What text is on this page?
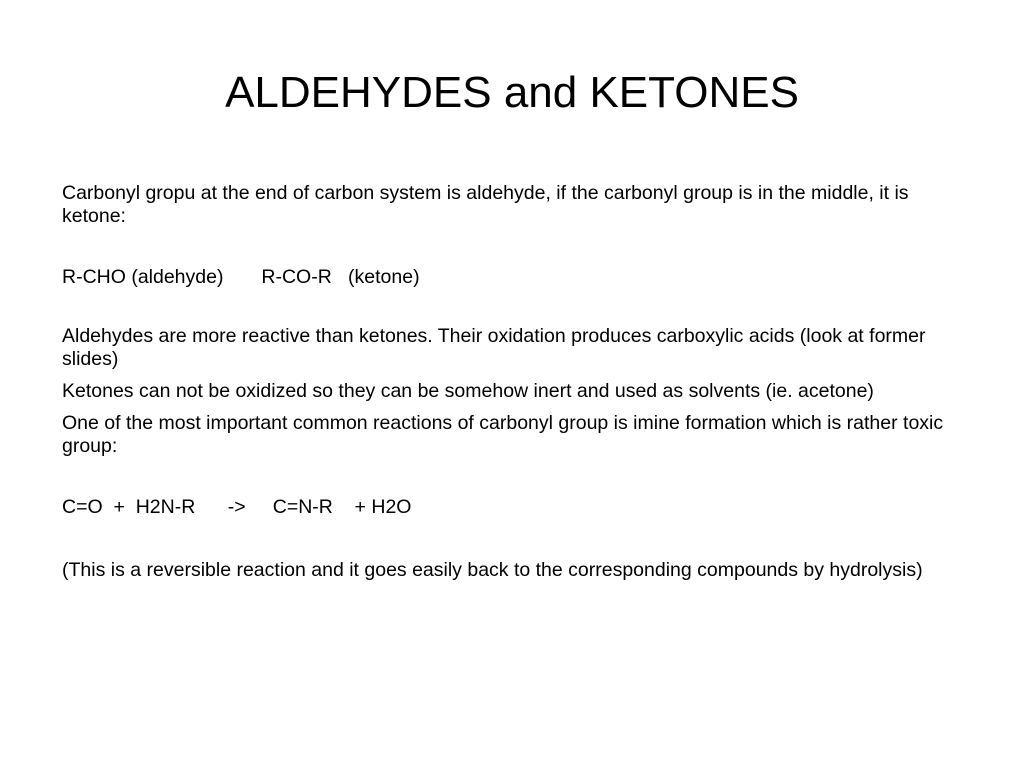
ALDEHYDES and KETONES

Carbonyl gropu at the end of carbon system is aldehyde, if the carbonyl group is in the middle, it is ketone:

R-CHO (aldehyde)       R-CO-R   (ketone)

Aldehydes are more reactive than ketones. Their oxidation produces carboxylic acids (look at former slides)

Ketones can not be oxidized so they can be somehow inert and used as solvents (ie. acetone)

One of the most important common reactions of carbonyl group is imine formation which is rather toxic group:

C=O  +  H2N-R      ->     C=N-R    + H2O

(This is a reversible reaction and it goes easily back to the corresponding compounds by hydrolysis)
